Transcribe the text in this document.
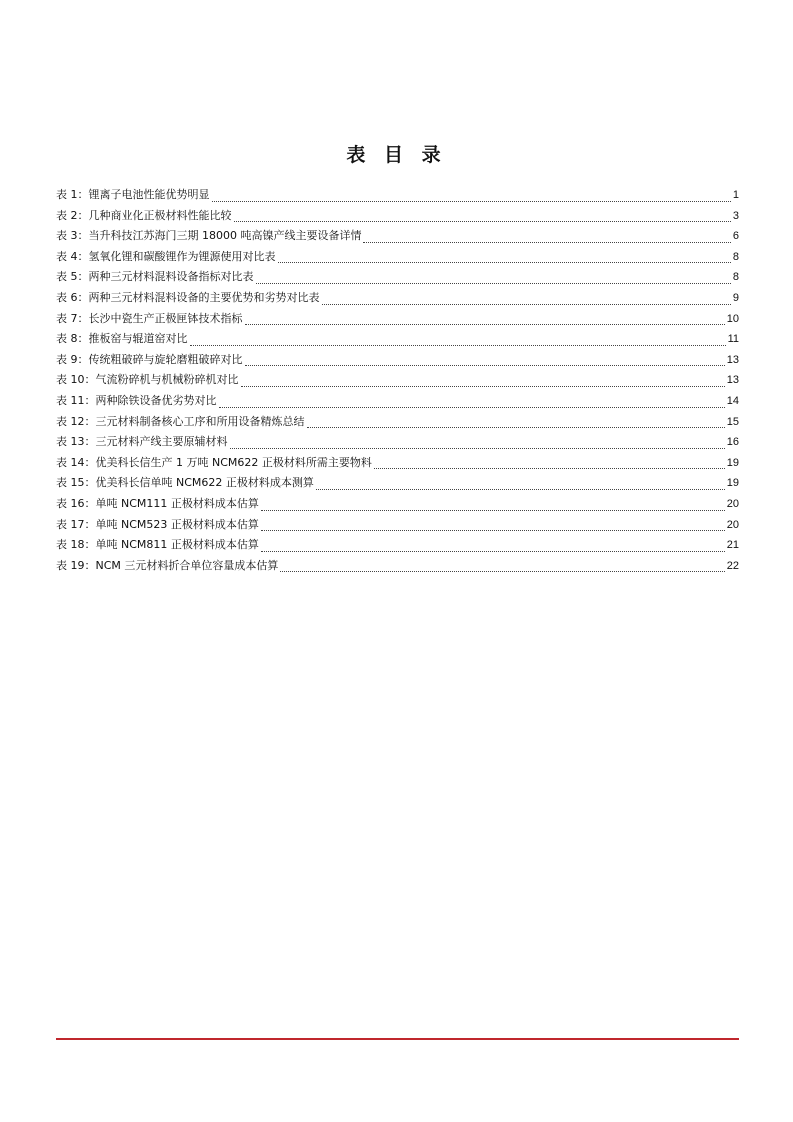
表 目 录
表 1：锂离子电池性能优势明显	1
表 2：几种商业化正极材料性能比较	3
表 3：当升科技江苏海门三期 18000 吨高镍产线主要设备详情	6
表 4：氢氧化锂和碳酸锂作为锂源使用对比表	8
表 5：两种三元材料混料设备指标对比表	8
表 6：两种三元材料混料设备的主要优势和劣势对比表	9
表 7：长沙中瓷生产正极匣钵技术指标	10
表 8：推板窑与辊道窑对比	11
表 9：传统粗破碎与旋轮磨粗破碎对比	13
表 10：气流粉碎机与机械粉碎机对比	13
表 11：两种除铁设备优劣势对比	14
表 12：三元材料制备核心工序和所用设备精炼总结	15
表 13：三元材料产线主要原辅材料	16
表 14：优美科长信生产 1 万吨 NCM622 正极材料所需主要物料	19
表 15：优美科长信单吨 NCM622 正极材料成本测算	19
表 16：单吨 NCM111 正极材料成本估算	20
表 17：单吨 NCM523 正极材料成本估算	20
表 18：单吨 NCM811 正极材料成本估算	21
表 19：NCM 三元材料折合单位容量成本估算	22
